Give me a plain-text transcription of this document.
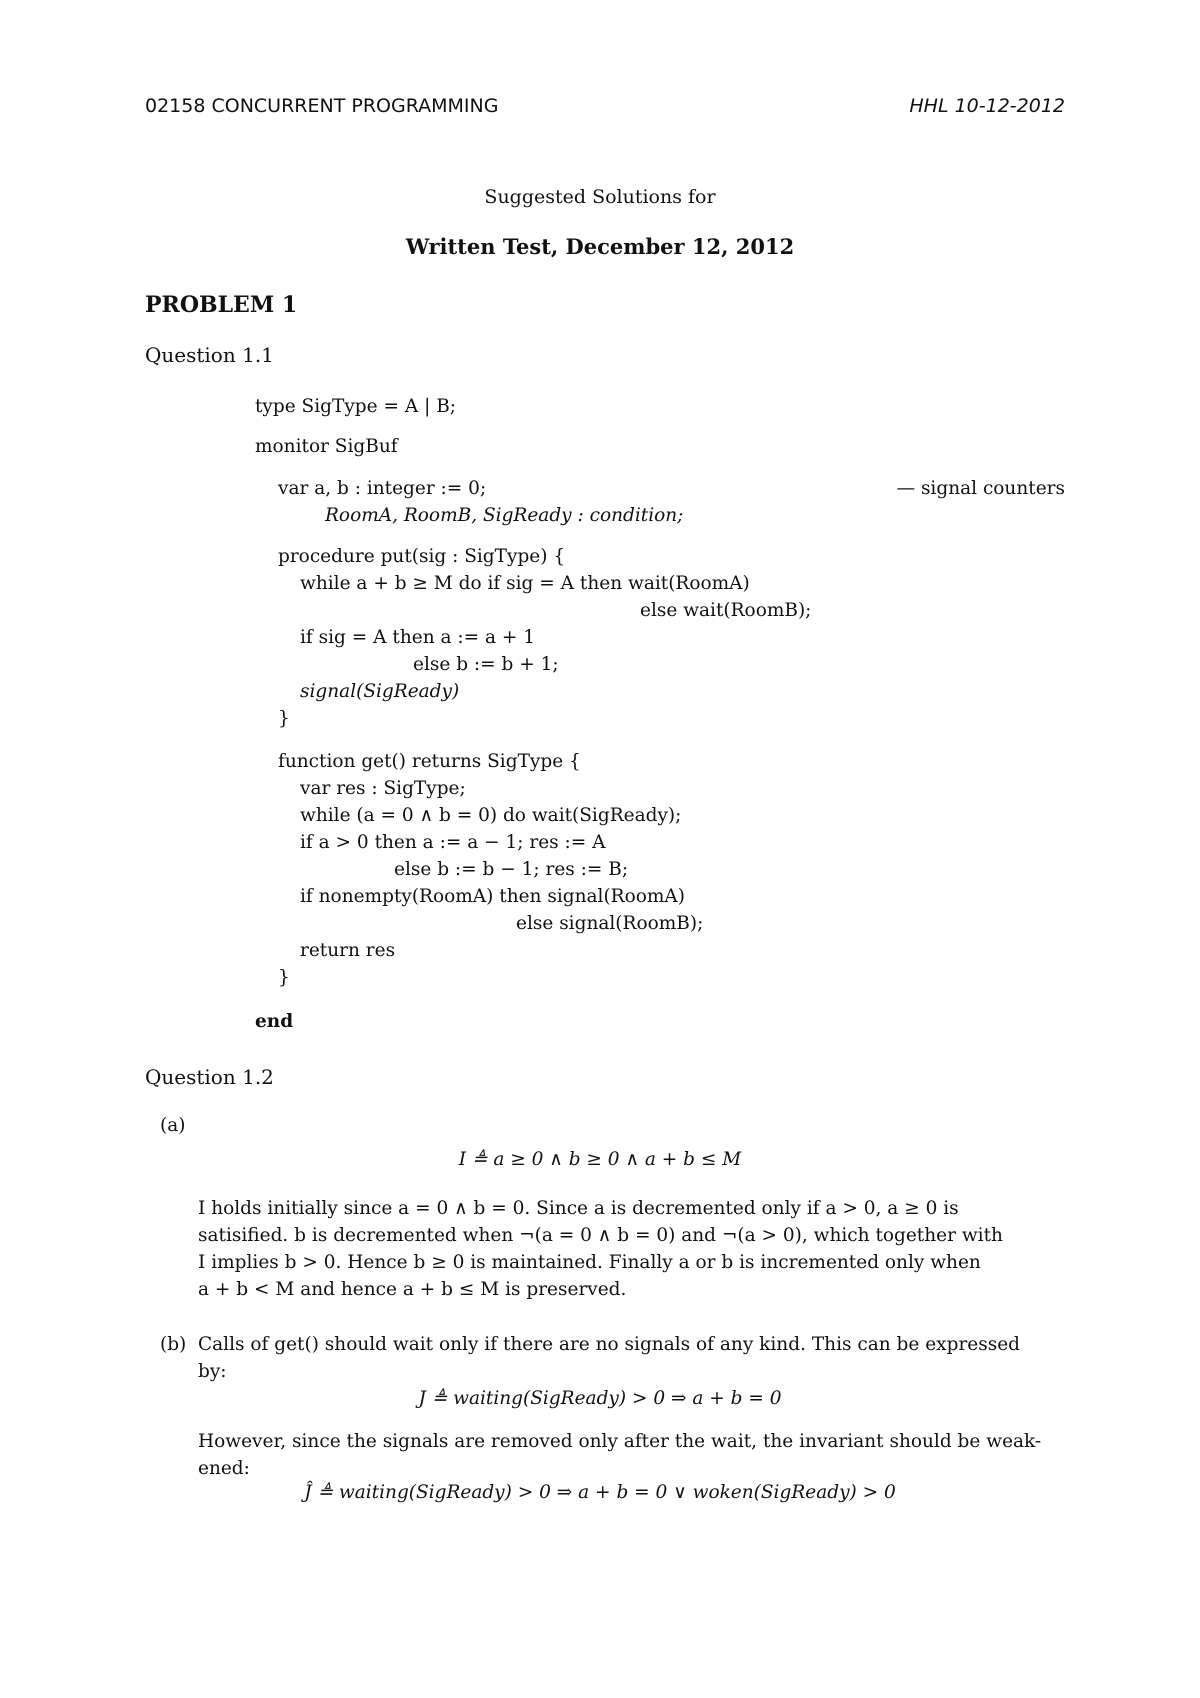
02158 CONCURRENT PROGRAMMING	HHL 10-12-2012
Suggested Solutions for
Written Test, December 12, 2012
PROBLEM 1
Question 1.1
type SigType = A | B;
monitor SigBuf
var a, b : integer := 0;	— signal counters
RoomA, RoomB, SigReady : condition;
procedure put(sig : SigType) {
while a + b ≥ M do if sig = A then wait(RoomA)
else wait(RoomB);
if sig = A then a := a + 1
else b := b + 1;
signal(SigReady)
}
function get() returns SigType {
var res : SigType;
while (a = 0 ∧ b = 0) do wait(SigReady);
if a > 0 then a := a − 1; res := A
else b := b − 1; res := B;
if nonempty(RoomA) then signal(RoomA)
else signal(RoomB);
return res
}
end
Question 1.2
(a)
I ≜ a ≥ 0 ∧ b ≥ 0 ∧ a + b ≤ M
I holds initially since a = 0 ∧ b = 0. Since a is decremented only if a > 0, a ≥ 0 is
satisified. b is decremented when ¬(a = 0 ∧ b = 0) and ¬(a > 0), which together with
I implies b > 0. Hence b ≥ 0 is maintained. Finally a or b is incremented only when
a + b < M and hence a + b ≤ M is preserved.
(b) Calls of get() should wait only if there are no signals of any kind. This can be expressed
by:
J ≜ waiting(SigReady) > 0 ⇒ a + b = 0
However, since the signals are removed only after the wait, the invariant should be weak-
ened:
Ĵ ≜ waiting(SigReady) > 0 ⇒ a + b = 0 ∨ woken(SigReady) > 0
